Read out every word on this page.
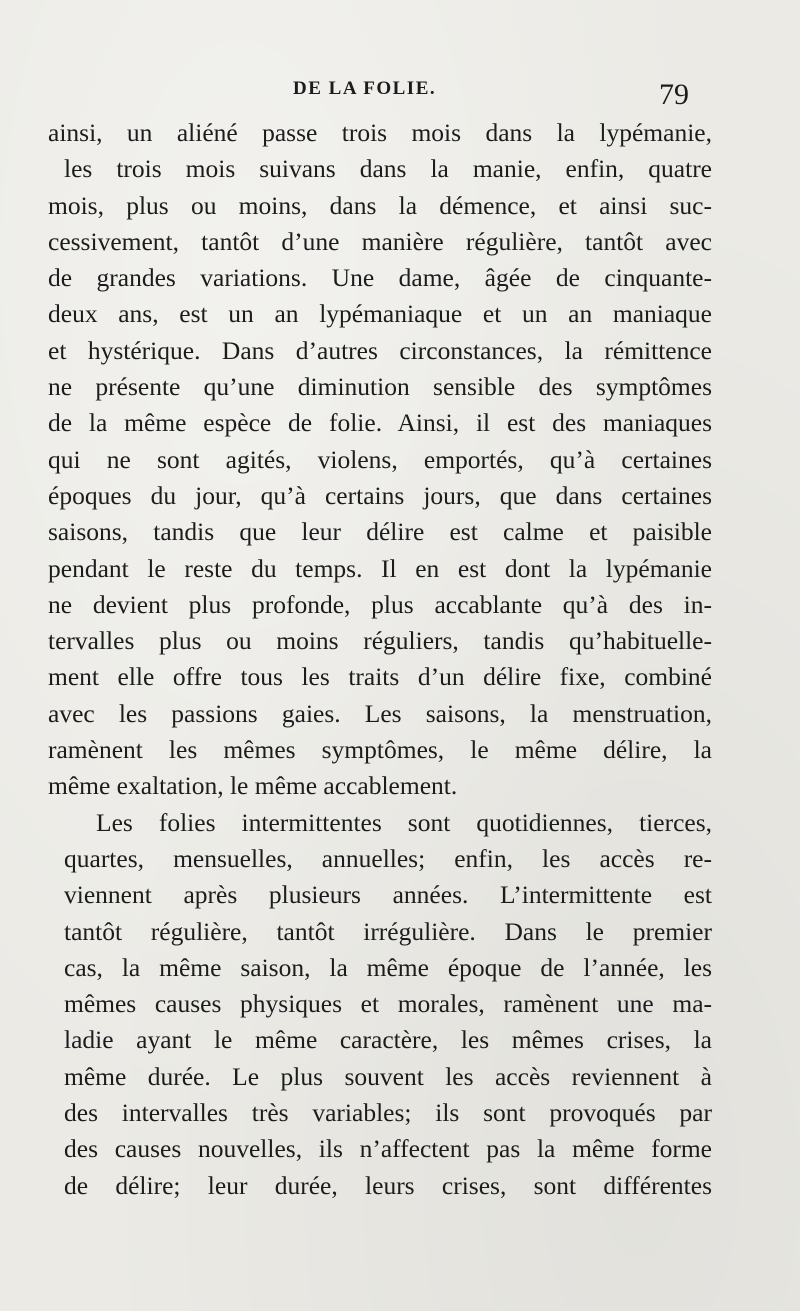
DE LA FOLIE.	79
ainsi, un aliéné passe trois mois dans la lypémanie,
les trois mois suivans dans la manie, enfin, quatre
mois, plus ou moins, dans la démence, et ainsi suc-
cessivement, tantôt d’une manière régulière, tantôt avec
de grandes variations. Une dame, âgée de cinquante-
deux ans, est un an lypémaniaque et un an maniaque
et hystérique. Dans d’autres circonstances, la rémittence
ne présente qu’une diminution sensible des symptômes
de la même espèce de folie. Ainsi, il est des maniaques
qui ne sont agités, violens, emportés, qu’à certaines
époques du jour, qu’à certains jours, que dans certaines
saisons, tandis que leur délire est calme et paisible
pendant le reste du temps. Il en est dont la lypémanie
ne devient plus profonde, plus accablante qu’à des in-
tervalles plus ou moins réguliers, tandis qu’habituelle-
ment elle offre tous les traits d’un délire fixe, combiné
avec les passions gaies. Les saisons, la menstruation,
ramènent les mêmes symptômes, le même délire, la
même exaltation, le même accablement.
Les folies intermittentes sont quotidiennes, tierces,
quartes, mensuelles, annuelles; enfin, les accès re-
viennent après plusieurs années. L’intermittente est
tantôt régulière, tantôt irrégulière. Dans le premier
cas, la même saison, la même époque de l’année, les
mêmes causes physiques et morales, ramènent une ma-
ladie ayant le même caractère, les mêmes crises, la
même durée. Le plus souvent les accès reviennent à
des intervalles très variables; ils sont provoqués par
des causes nouvelles, ils n’affectent pas la même forme
de délire; leur durée, leurs crises, sont différentes
